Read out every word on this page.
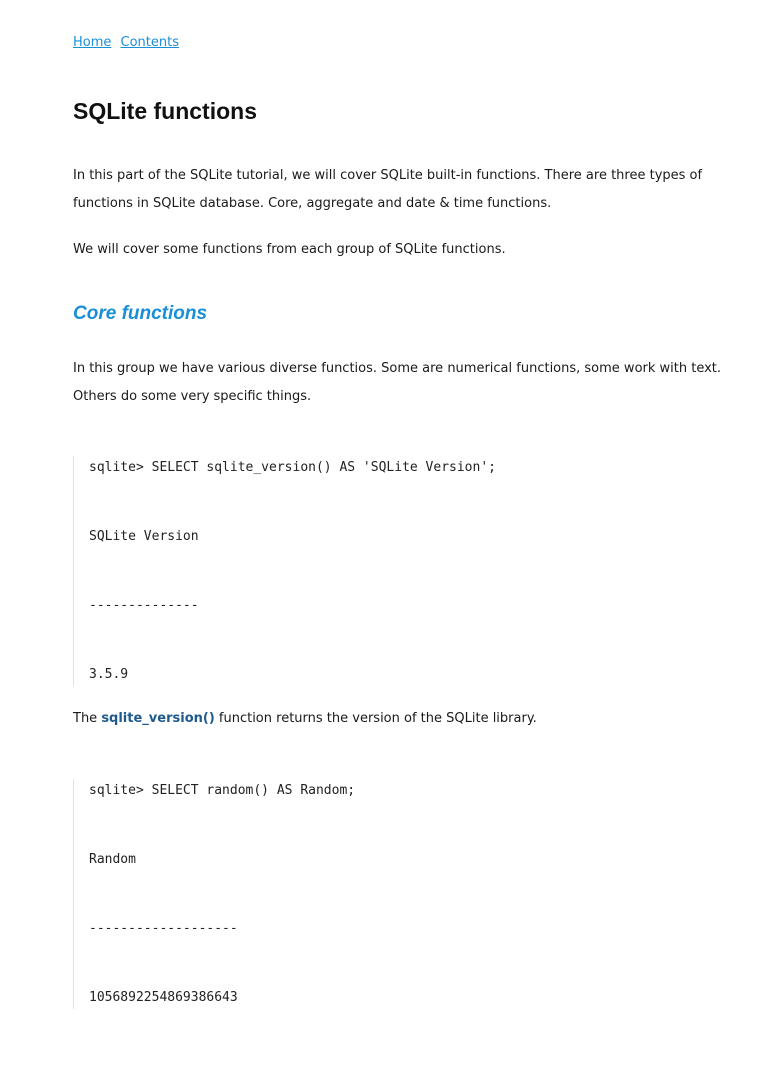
Home Contents
SQLite functions

In this part of the SQLite tutorial, we will cover SQLite built-in functions. There are three types of

functions in SQLite database. Core, aggregate and date & time functions.

We will cover some functions from each group of SQLite functions.

Core functions

In this group we have various diverse functios. Some are numerical functions, some work with text.

Others do some very specific things.

sqlite> SELECT sqlite_version() AS 'SQLite Version';
SQLite Version
--------------
3.5.9

The sqlite_version() function returns the version of the SQLite library.

sqlite> SELECT random() AS Random;
Random
-------------------
1056892254869386643
